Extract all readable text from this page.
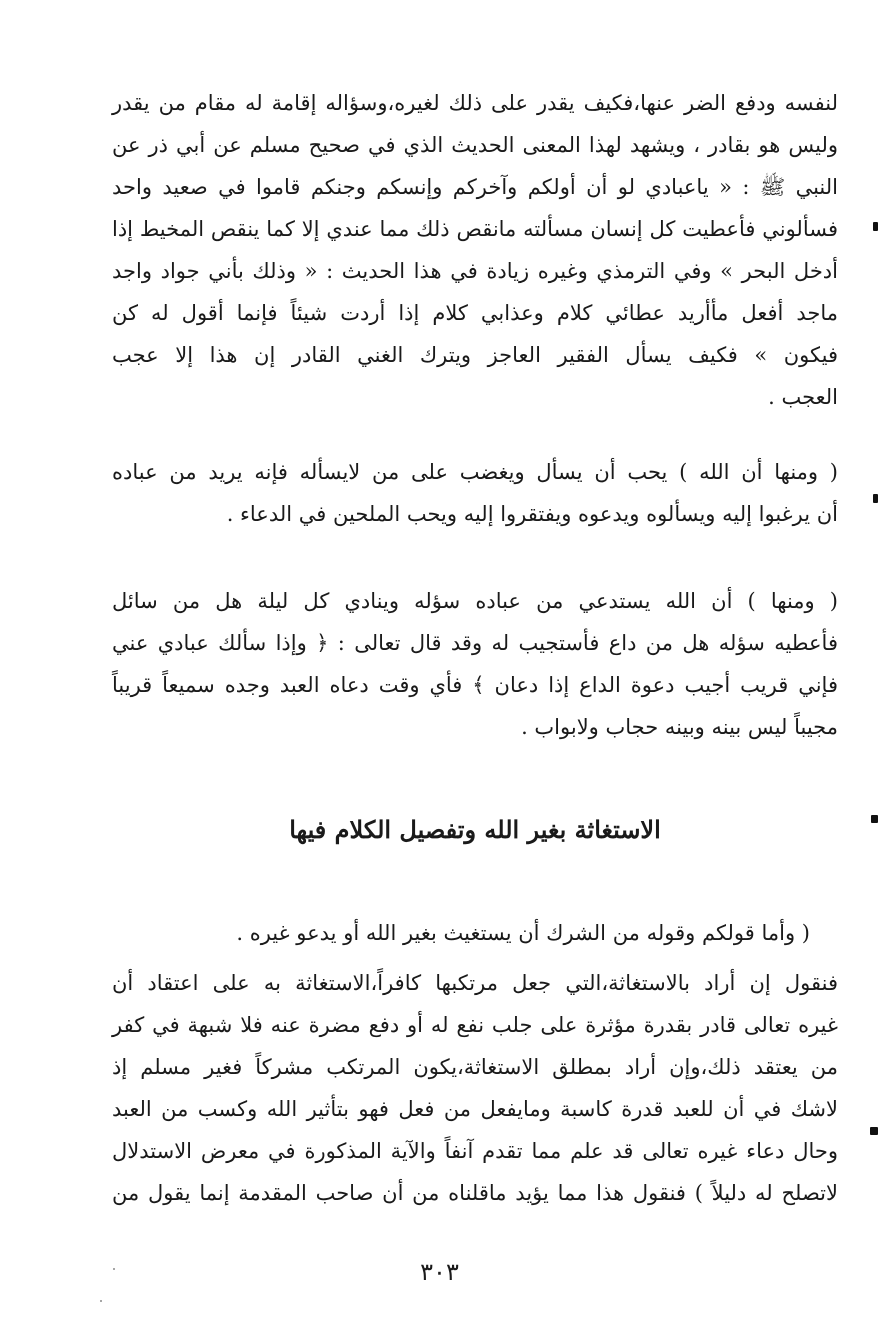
لنفسه ودفع الضر عنها،فكيف يقدر على ذلك لغيره،وسؤاله إقامة له مقام من يقدر
وليس هو بقادر ، ويشهد لهذا المعنى الحديث الذي في صحيح مسلم عن أبي ذر عن
النبي ﷺ : « ياعبادي لو أن أولكم وآخركم وإنسكم وجنكم قاموا في صعيد واحد
فسألوني فأعطيت كل إنسان مسألته مانقص ذلك مما عندي إلا كما ينقص المخيط إذا
أدخل البحر » وفي الترمذي وغيره زيادة في هذا الحديث : « وذلك بأني جواد واجد
ماجد أفعل مأأريد عطائي كلام وعذابي كلام إذا أردت شيئاً فإنما أقول له كن
فيكون » فكيف يسأل الفقير العاجز ويترك الغني القادر إن هذا إلا عجب
العجب .
( ومنها أن الله ) يحب أن يسأل ويغضب على من لايسأله فإنه يريد من عباده
أن يرغبوا إليه ويسألوه ويدعوه ويفتقروا إليه ويحب الملحين في الدعاء .
( ومنها ) أن الله يستدعي من عباده سؤله وينادي كل ليلة هل من سائل
فأعطيه سؤله هل من داع فأستجيب له وقد قال تعالى : ﴿ وإذا سألك عبادي عني
فإني قريب أجيب دعوة الداع إذا دعان ﴾ فأي وقت دعاه العبد وجده سميعاً قريباً
مجيباً ليس بينه وبينه حجاب ولابواب .
الاستغاثة بغير الله وتفصيل الكلام فيها
( وأما قولكم وقوله من الشرك أن يستغيث بغير الله أو يدعو غيره .
فنقول إن أراد بالاستغاثة،التي جعل مرتكبها كافراً،الاستغاثة به على اعتقاد أن
غيره تعالى قادر بقدرة مؤثرة على جلب نفع له أو دفع مضرة عنه فلا شبهة في كفر
من يعتقد ذلك،وإن أراد بمطلق الاستغاثة،يكون المرتكب مشركاً فغير مسلم إذ
لاشك في أن للعبد قدرة كاسبة ومايفعل من فعل فهو بتأثير الله وكسب من العبد
وحال دعاء غيره تعالى قد علم مما تقدم آنفاً والآية المذكورة في معرض الاستدلال
لاتصلح له دليلاً ) فنقول هذا مما يؤيد ماقلناه من أن صاحب المقدمة إنما يقول من
٣٠٣
